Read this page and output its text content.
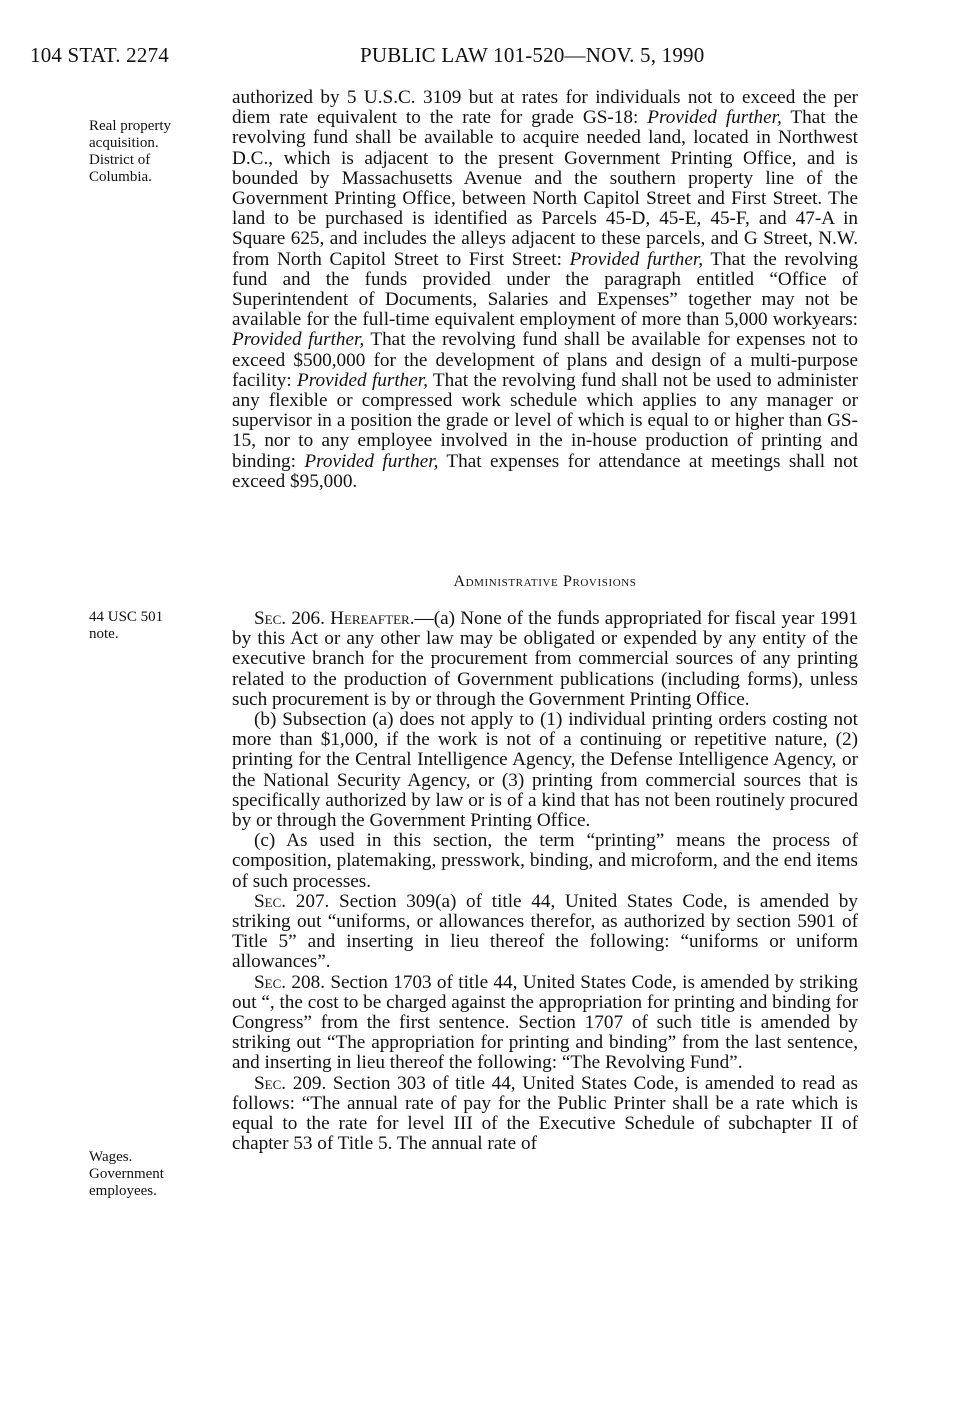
104 STAT. 2274	PUBLIC LAW 101-520—NOV. 5, 1990
Real property
acquisition.
District of
Columbia.
44 USC 501
note.
Wages.
Government
employees.

authorized by 5 U.S.C. 3109 but at rates for individuals not to exceed the per diem rate equivalent to the rate for grade GS-18: Provided further, That the revolving fund shall be available to acquire needed land, located in Northwest D.C., which is adjacent to the present Government Printing Office, and is bounded by Massachusetts Avenue and the southern property line of the Government Printing Office, between North Capitol Street and First Street. The land to be purchased is identified as Parcels 45-D, 45-E, 45-F, and 47-A in Square 625, and includes the alleys adjacent to these parcels, and G Street, N.W. from North Capitol Street to First Street: Provided further, That the revolving fund and the funds provided under the paragraph entitled “Office of Superintendent of Documents, Salaries and Expenses” together may not be available for the full-time equivalent employment of more than 5,000 workyears: Provided further, That the revolving fund shall be available for expenses not to exceed $500,000 for the development of plans and design of a multi-purpose facility: Provided further, That the revolving fund shall not be used to administer any flexible or compressed work schedule which applies to any manager or supervisor in a position the grade or level of which is equal to or higher than GS-15, nor to any employee involved in the in-house production of printing and binding: Provided further, That expenses for attendance at meetings shall not exceed $95,000.

Administrative Provisions

Sec. 206. Hereafter.—(a) None of the funds appropriated for fiscal year 1991 by this Act or any other law may be obligated or expended by any entity of the executive branch for the procurement from commercial sources of any printing related to the production of Government publications (including forms), unless such procurement is by or through the Government Printing Office.

(b) Subsection (a) does not apply to (1) individual printing orders costing not more than $1,000, if the work is not of a continuing or repetitive nature, (2) printing for the Central Intelligence Agency, the Defense Intelligence Agency, or the National Security Agency, or (3) printing from commercial sources that is specifically authorized by law or is of a kind that has not been routinely procured by or through the Government Printing Office.

(c) As used in this section, the term “printing” means the process of composition, platemaking, presswork, binding, and microform, and the end items of such processes.

Sec. 207. Section 309(a) of title 44, United States Code, is amended by striking out “uniforms, or allowances therefor, as authorized by section 5901 of Title 5” and inserting in lieu thereof the following: “uniforms or uniform allowances”.

Sec. 208. Section 1703 of title 44, United States Code, is amended by striking out “, the cost to be charged against the appropriation for printing and binding for Congress” from the first sentence. Section 1707 of such title is amended by striking out “The appropriation for printing and binding” from the last sentence, and inserting in lieu thereof the following: “The Revolving Fund”.

Sec. 209. Section 303 of title 44, United States Code, is amended to read as follows: “The annual rate of pay for the Public Printer shall be a rate which is equal to the rate for level III of the Executive Schedule of subchapter II of chapter 53 of Title 5. The annual rate of
